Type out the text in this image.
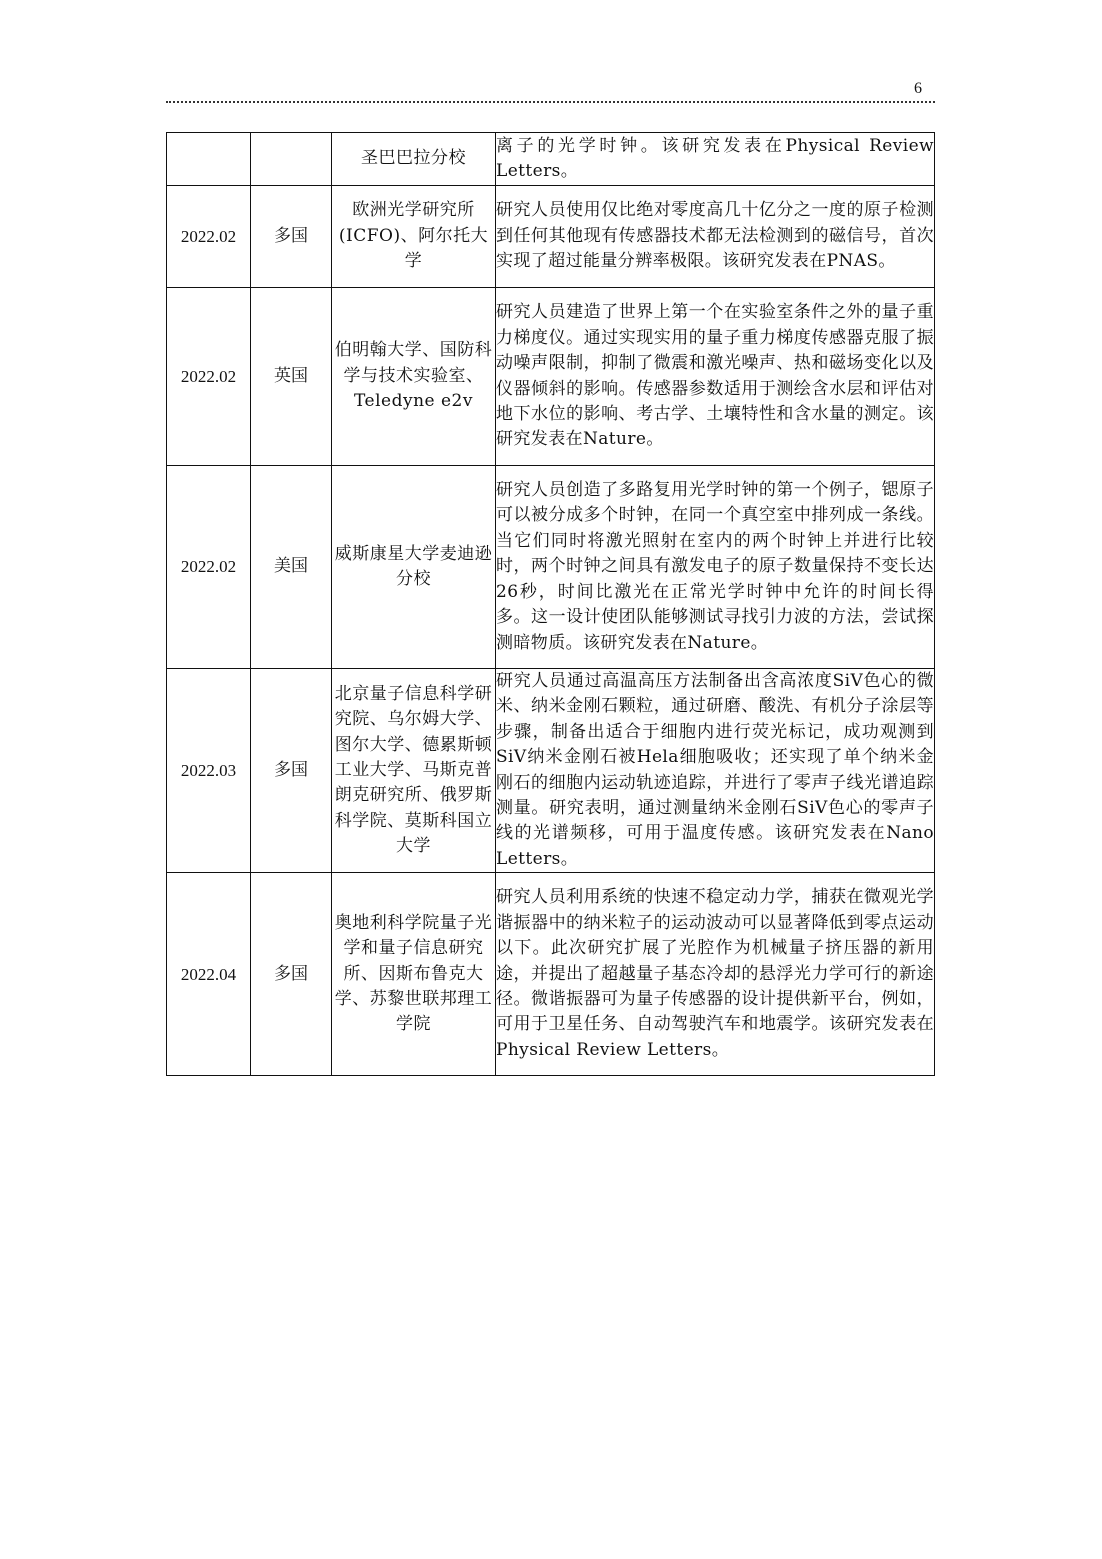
6
		圣巴巴拉分校	离子的光学时钟。该研究发表在Physical Review Letters。
2022.02	多国	欧洲光学研究所(ICFO)、阿尔托大学	研究人员使用仅比绝对零度高几十亿分之一度的原子检测到任何其他现有传感器技术都无法检测到的磁信号，首次实现了超过能量分辨率极限。该研究发表在PNAS。
2022.02	英国	伯明翰大学、国防科学与技术实验室、Teledyne e2v	研究人员建造了世界上第一个在实验室条件之外的量子重力梯度仪。通过实现实用的量子重力梯度传感器克服了振动噪声限制，抑制了微震和激光噪声、热和磁场变化以及仪器倾斜的影响。传感器参数适用于测绘含水层和评估对地下水位的影响、考古学、土壤特性和含水量的测定。该研究发表在Nature。
2022.02	美国	威斯康星大学麦迪逊分校	研究人员创造了多路复用光学时钟的第一个例子，锶原子可以被分成多个时钟，在同一个真空室中排列成一条线。当它们同时将激光照射在室内的两个时钟上并进行比较时，两个时钟之间具有激发电子的原子数量保持不变长达26秒，时间比激光在正常光学时钟中允许的时间长得多。这一设计使团队能够测试寻找引力波的方法，尝试探测暗物质。该研究发表在Nature。
2022.03	多国	北京量子信息科学研究院、乌尔姆大学、图尔大学、德累斯顿工业大学、马斯克普朗克研究所、俄罗斯科学院、莫斯科国立大学	研究人员通过高温高压方法制备出含高浓度SiV色心的微米、纳米金刚石颗粒，通过研磨、酸洗、有机分子涂层等步骤，制备出适合于细胞内进行荧光标记，成功观测到SiV纳米金刚石被Hela细胞吸收；还实现了单个纳米金刚石的细胞内运动轨迹追踪，并进行了零声子线光谱追踪测量。研究表明，通过测量纳米金刚石SiV色心的零声子线的光谱频移，可用于温度传感。该研究发表在Nano Letters。
2022.04	多国	奥地利科学院量子光学和量子信息研究所、因斯布鲁克大学、苏黎世联邦理工学院	研究人员利用系统的快速不稳定动力学，捕获在微观光学谐振器中的纳米粒子的运动波动可以显著降低到零点运动以下。此次研究扩展了光腔作为机械量子挤压器的新用途，并提出了超越量子基态冷却的悬浮光力学可行的新途径。微谐振器可为量子传感器的设计提供新平台，例如，可用于卫星任务、自动驾驶汽车和地震学。该研究发表在Physical Review Letters。
